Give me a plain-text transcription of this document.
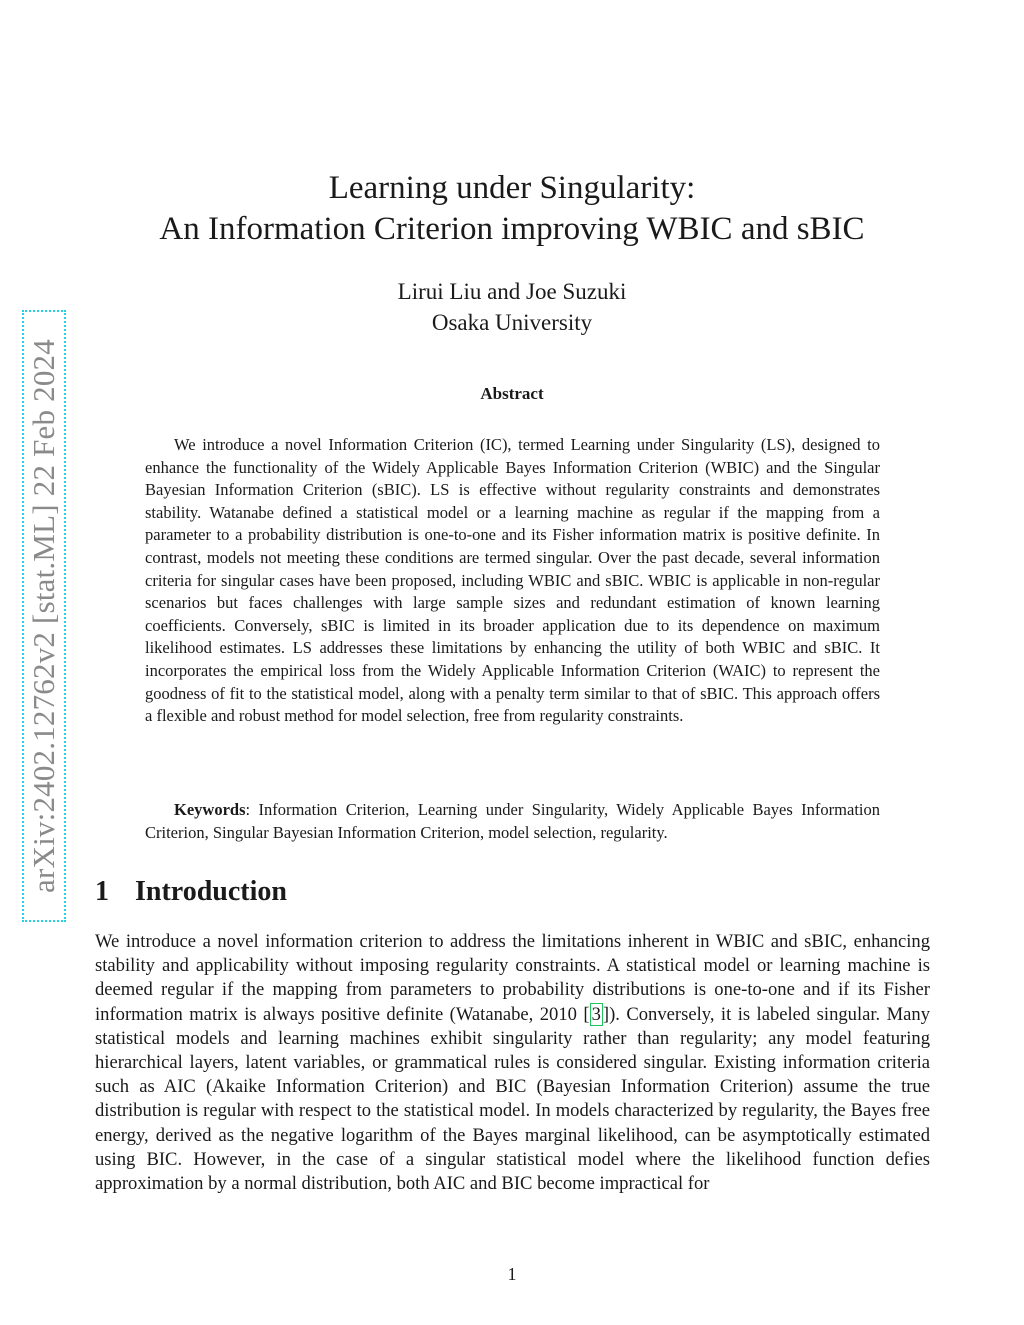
arXiv:2402.12762v2 [stat.ML] 22 Feb 2024
Learning under Singularity:
An Information Criterion improving WBIC and sBIC
Lirui Liu and Joe Suzuki
Osaka University
Abstract

We introduce a novel Information Criterion (IC), termed Learning under Singularity (LS), designed to enhance the functionality of the Widely Applicable Bayes Information Criterion (WBIC) and the Singular Bayesian Information Criterion (sBIC). LS is effective without regularity constraints and demonstrates stability. Watanabe defined a statistical model or a learning machine as regular if the mapping from a parameter to a probability distribution is one-to-one and its Fisher information matrix is positive definite. In contrast, models not meeting these conditions are termed singular. Over the past decade, several information criteria for singular cases have been proposed, including WBIC and sBIC. WBIC is applicable in non-regular scenarios but faces challenges with large sample sizes and redundant estimation of known learning coefficients. Conversely, sBIC is limited in its broader application due to its dependence on maximum likelihood estimates. LS addresses these limitations by enhancing the utility of both WBIC and sBIC. It incorporates the empirical loss from the Widely Applicable Information Criterion (WAIC) to represent the goodness of fit to the statistical model, along with a penalty term similar to that of sBIC. This approach offers a flexible and robust method for model selection, free from regularity constraints.

Keywords: Information Criterion, Learning under Singularity, Widely Applicable Bayes Information Criterion, Singular Bayesian Information Criterion, model selection, regularity.

1 Introduction

We introduce a novel information criterion to address the limitations inherent in WBIC and sBIC, enhancing stability and applicability without imposing regularity constraints. A statistical model or learning machine is deemed regular if the mapping from parameters to probability distributions is one-to-one and if its Fisher information matrix is always positive definite (Watanabe, 2010 [ 3 ]). Conversely, it is labeled singular. Many statistical models and learning machines exhibit singularity rather than regularity; any model featuring hierarchical layers, latent variables, or grammatical rules is considered singular. Existing information criteria such as AIC (Akaike Information Criterion) and BIC (Bayesian Information Criterion) assume the true distribution is regular with respect to the statistical model. In models characterized by regularity, the Bayes free energy, derived as the negative logarithm of the Bayes marginal likelihood, can be asymptotically estimated using BIC. However, in the case of a singular statistical model where the likelihood function defies approximation by a normal distribution, both AIC and BIC become impractical for

1
